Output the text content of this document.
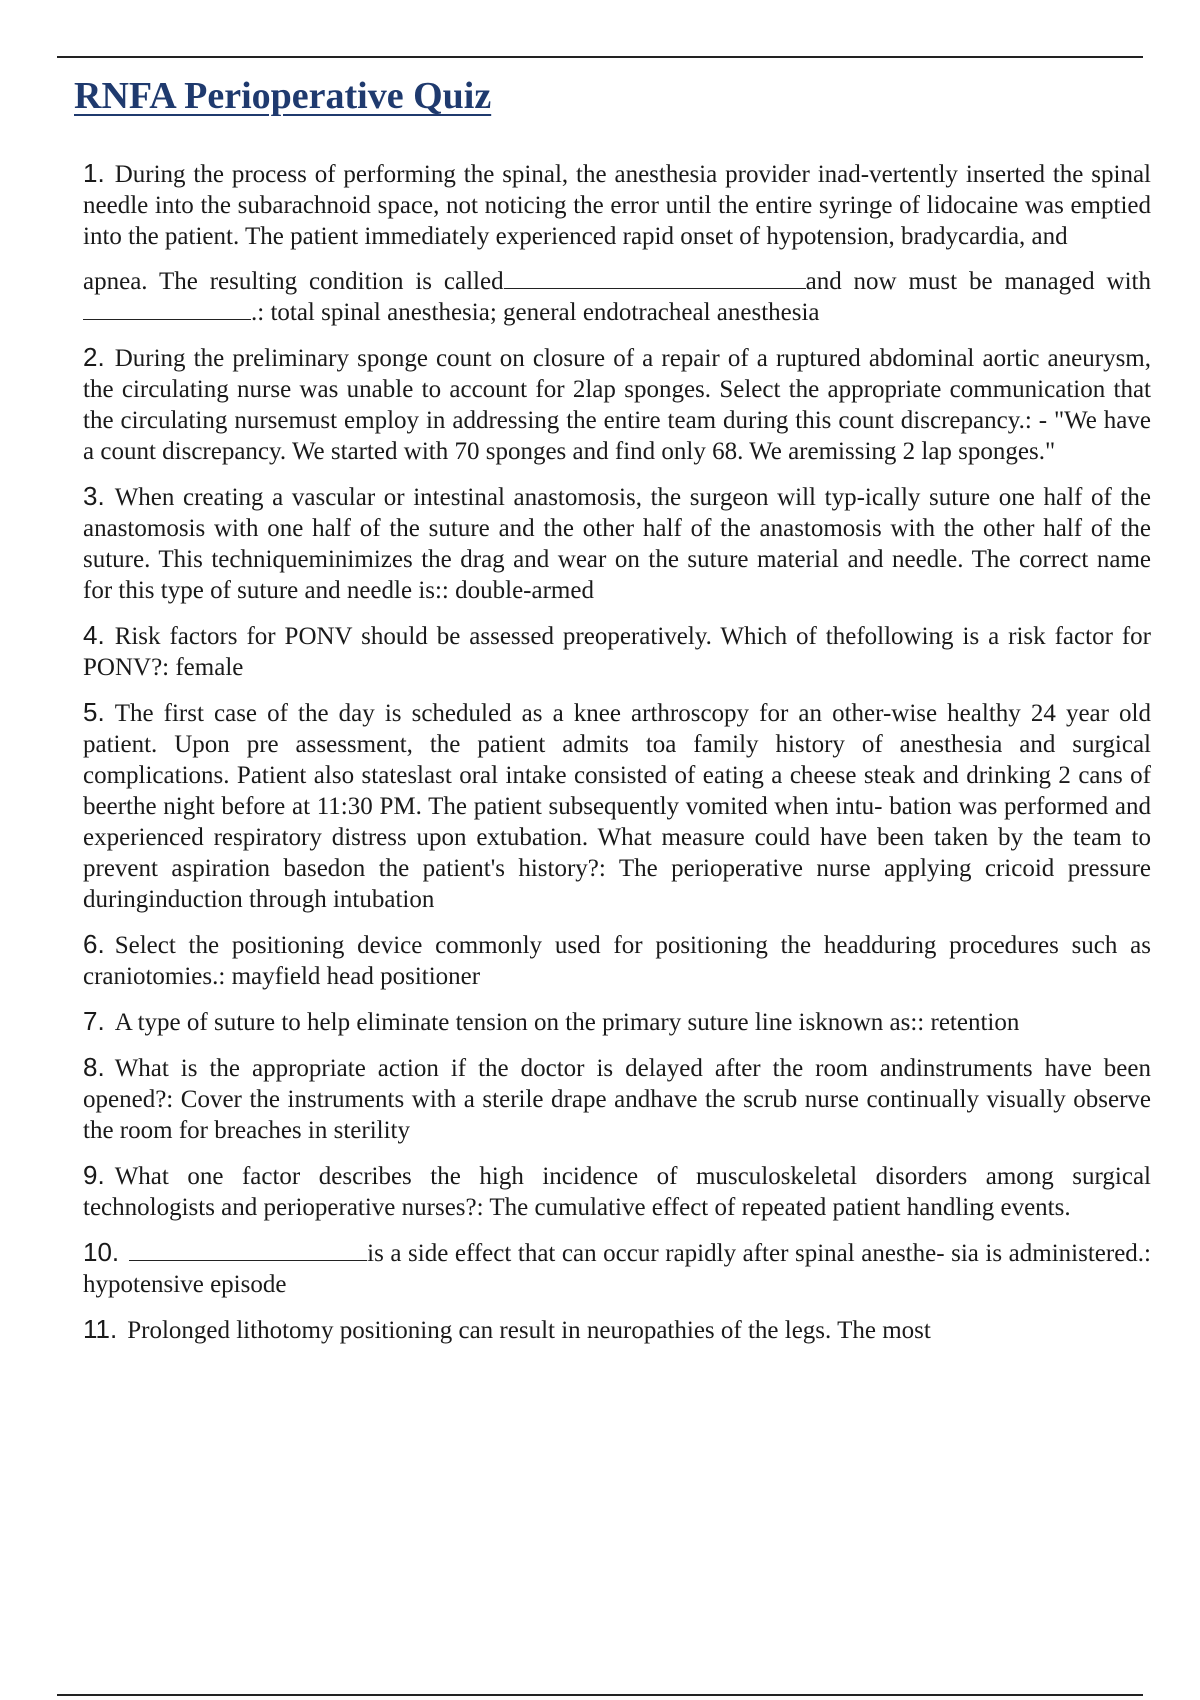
RNFA Perioperative Quiz

1. During the process of performing the spinal, the anesthesia provider inad-vertently inserted the spinal needle into the subarachnoid space, not noticing the error until the entire syringe of lidocaine was emptied into the patient. The patient immediately experienced rapid onset of hypotension, bradycardia, and
apnea. The resulting condition is called	and now must be managed with.: total spinal anesthesia; general endotracheal anesthesia

2. During the preliminary sponge count on closure of a repair of a ruptured abdominal aortic aneurysm, the circulating nurse was unable to account for 2lap sponges. Select the appropriate communication that the circulating nursemust employ in addressing the entire team during this count discrepancy.: - "We have a count discrepancy. We started with 70 sponges and find only 68. We aremissing 2 lap sponges."

3. When creating a vascular or intestinal anastomosis, the surgeon will typ-ically suture one half of the anastomosis with one half of the suture and the other half of the anastomosis with the other half of the suture. This techniqueminimizes the drag and wear on the suture material and needle. The correct name for this type of suture and needle is:: double-armed

4. Risk factors for PONV should be assessed preoperatively. Which of thefollowing is a risk factor for PONV?: female

5. The first case of the day is scheduled as a knee arthroscopy for an other-wise healthy 24 year old patient. Upon pre assessment, the patient admits toa family history of anesthesia and surgical complications. Patient also stateslast oral intake consisted of eating a cheese steak and drinking 2 cans of beerthe night before at 11:30 PM. The patient subsequently vomited when intu- bation was performed and experienced respiratory distress upon extubation. What measure could have been taken by the team to prevent aspiration basedon the patient's history?: The perioperative nurse applying cricoid pressure duringinduction through intubation

6. Select the positioning device commonly used for positioning the headduring procedures such as craniotomies.: mayfield head positioner

7. A type of suture to help eliminate tension on the primary suture line isknown as:: retention

8. What is the appropriate action if the doctor is delayed after the room andinstruments have been opened?: Cover the instruments with a sterile drape andhave the scrub nurse continually visually observe the room for breaches in sterility

9. What one factor describes the high incidence of musculoskeletal disorders among surgical technologists and perioperative nurses?: The cumulative effect of repeated patient handling events.

10.	is a side effect that can occur rapidly after spinal anesthe- sia is administered.: hypotensive episode

11. Prolonged lithotomy positioning can result in neuropathies of the legs. The most
